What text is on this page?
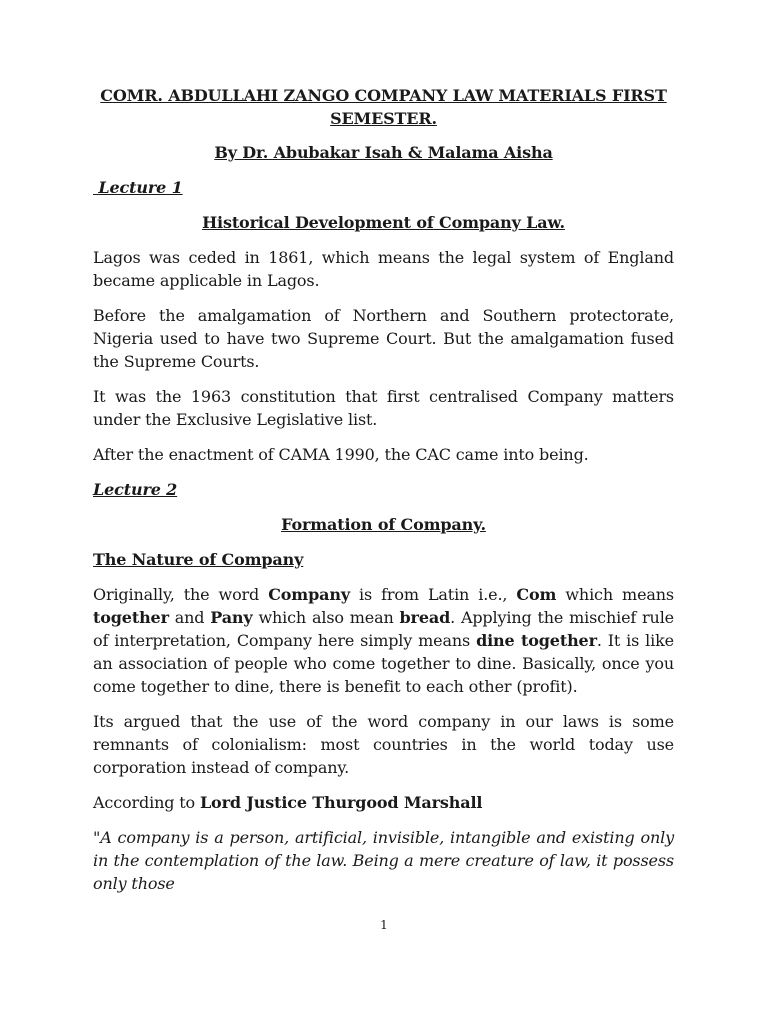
COMR. ABDULLAHI ZANGO COMPANY LAW MATERIALS FIRST SEMESTER.
By Dr. Abubakar Isah & Malama Aisha
Lecture 1
Historical Development of Company Law.

Lagos was ceded in 1861, which means the legal system of England became applicable in Lagos.

Before the amalgamation of Northern and Southern protectorate, Nigeria used to have two Supreme Court. But the amalgamation fused the Supreme Courts.

It was the 1963 constitution that first centralised Company matters under the Exclusive Legislative list.

After the enactment of CAMA 1990, the CAC came into being.

Lecture 2
Formation of Company.
The Nature of Company

Originally, the word Company is from Latin i.e., Com which means together and Pany which also mean bread. Applying the mischief rule of interpretation, Company here simply means dine together. It is like an association of people who come together to dine. Basically, once you come together to dine, there is benefit to each other (profit).

Its argued that the use of the word company in our laws is some remnants of colonialism: most countries in the world today use corporation instead of company.

According to Lord Justice Thurgood Marshall

"A company is a person, artificial, invisible, intangible and existing only in the contemplation of the law. Being a mere creature of law, it possess only those

1
